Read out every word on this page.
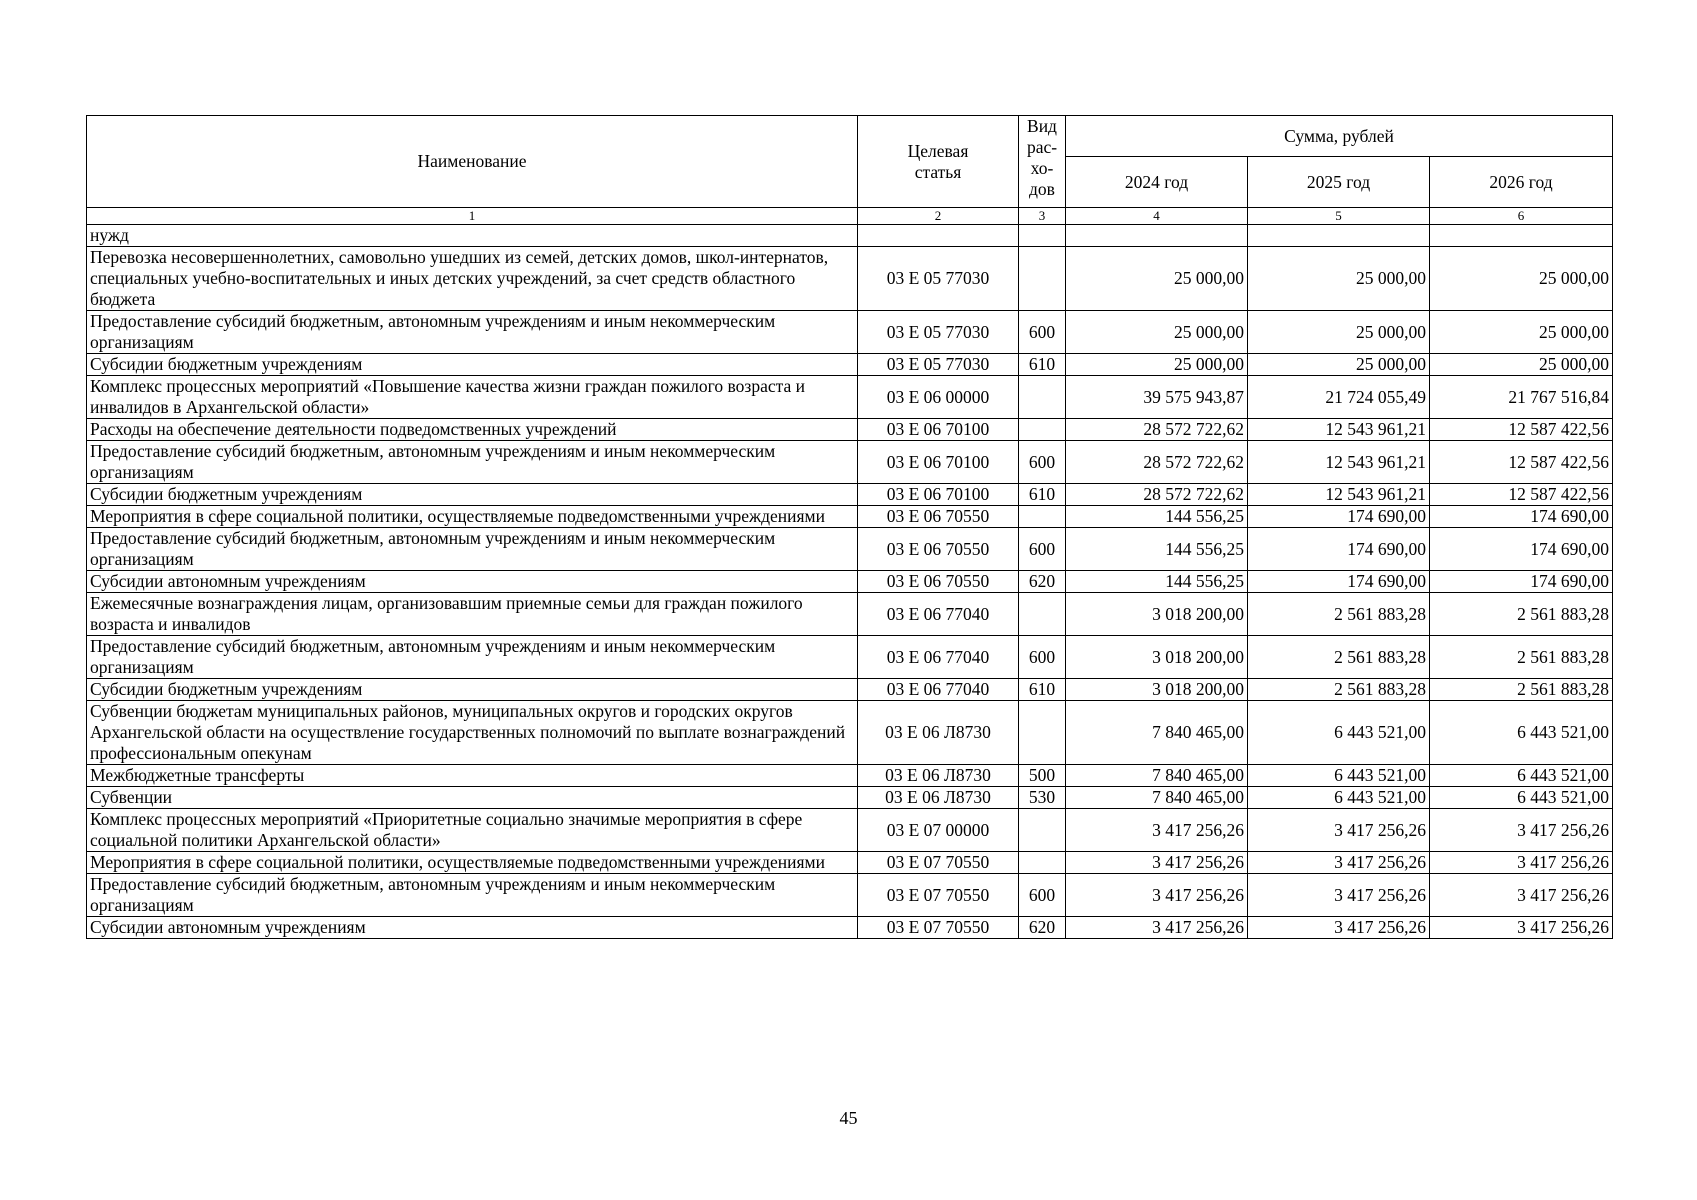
Наименование	Целевая статья	Вид рас-хо-дов	Сумма, рублей		
			2024 год	2025 год	2026 год
1	2	3	4	5	6
нужд					
Перевозка несовершеннолетних, самовольно ушедших из семей, детских домов, школ-интернатов, специальных учебно-воспитательных и иных детских учреждений, за счет средств областного бюджета	03 Е 05 77030		25 000,00	25 000,00	25 000,00
Предоставление субсидий бюджетным, автономным учреждениям и иным некоммерческим организациям	03 Е 05 77030	600	25 000,00	25 000,00	25 000,00
Субсидии бюджетным учреждениям	03 Е 05 77030	610	25 000,00	25 000,00	25 000,00
Комплекс процессных мероприятий «Повышение качества жизни граждан пожилого возраста и инвалидов в Архангельской области»	03 Е 06 00000		39 575 943,87	21 724 055,49	21 767 516,84
Расходы на обеспечение деятельности подведомственных учреждений	03 Е 06 70100		28 572 722,62	12 543 961,21	12 587 422,56
Предоставление субсидий бюджетным, автономным учреждениям и иным некоммерческим организациям	03 Е 06 70100	600	28 572 722,62	12 543 961,21	12 587 422,56
Субсидии бюджетным учреждениям	03 Е 06 70100	610	28 572 722,62	12 543 961,21	12 587 422,56
Мероприятия в сфере социальной политики, осуществляемые подведомственными учреждениями	03 Е 06 70550		144 556,25	174 690,00	174 690,00
Предоставление субсидий бюджетным, автономным учреждениям и иным некоммерческим организациям	03 Е 06 70550	600	144 556,25	174 690,00	174 690,00
Субсидии автономным учреждениям	03 Е 06 70550	620	144 556,25	174 690,00	174 690,00
Ежемесячные вознаграждения лицам, организовавшим приемные семьи для граждан пожилого возраста и инвалидов	03 Е 06 77040		3 018 200,00	2 561 883,28	2 561 883,28
Предоставление субсидий бюджетным, автономным учреждениям и иным некоммерческим организациям	03 Е 06 77040	600	3 018 200,00	2 561 883,28	2 561 883,28
Субсидии бюджетным учреждениям	03 Е 06 77040	610	3 018 200,00	2 561 883,28	2 561 883,28
Субвенции бюджетам муниципальных районов, муниципальных округов и городских округов Архангельской области на осуществление государственных полномочий по выплате вознаграждений профессиональным опекунам	03 Е 06 Л8730		7 840 465,00	6 443 521,00	6 443 521,00
Межбюджетные трансферты	03 Е 06 Л8730	500	7 840 465,00	6 443 521,00	6 443 521,00
Субвенции	03 Е 06 Л8730	530	7 840 465,00	6 443 521,00	6 443 521,00
Комплекс процессных мероприятий «Приоритетные социально значимые мероприятия в сфере социальной политики Архангельской области»	03 Е 07 00000		3 417 256,26	3 417 256,26	3 417 256,26
Мероприятия в сфере социальной политики, осуществляемые подведомственными учреждениями	03 Е 07 70550		3 417 256,26	3 417 256,26	3 417 256,26
Предоставление субсидий бюджетным, автономным учреждениям и иным некоммерческим организациям	03 Е 07 70550	600	3 417 256,26	3 417 256,26	3 417 256,26
Субсидии автономным учреждениям	03 Е 07 70550	620	3 417 256,26	3 417 256,26	3 417 256,26
45
